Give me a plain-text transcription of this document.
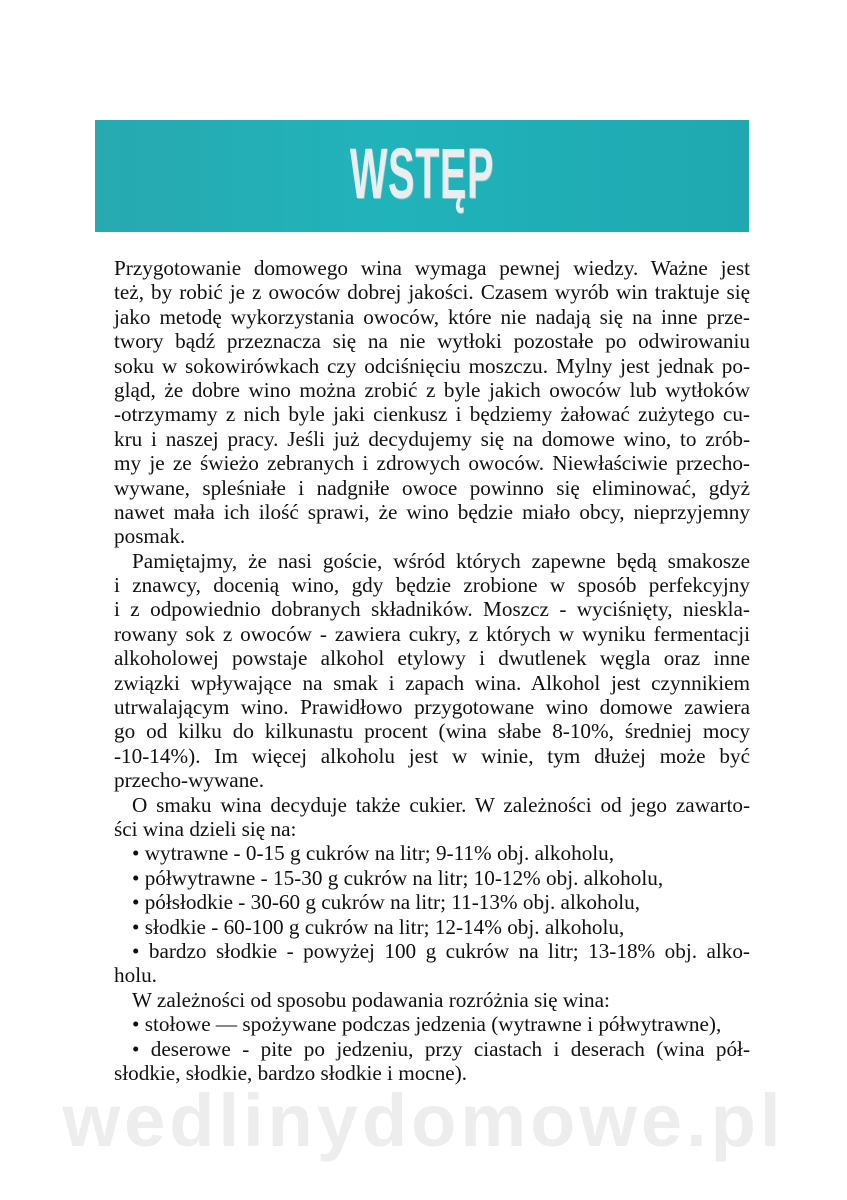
WSTĘP
Przygotowanie domowego wina wymaga pewnej wiedzy. Ważne jest
też, by robić je z owoców dobrej jakości. Czasem wyrób win traktuje się
jako metodę wykorzystania owoców, które nie nadają się na inne prze-
twory bądź przeznacza się na nie wytłoki pozostałe po odwirowaniu
soku w sokowirówkach czy odciśnięciu moszczu. Mylny jest jednak po-
gląd, że dobre wino można zrobić z byle jakich owoców lub wytłoków
-otrzymamy z nich byle jaki cienkusz i będziemy żałować zużytego cu-
kru i naszej pracy. Jeśli już decydujemy się na domowe wino, to zrób-
my je ze świeżo zebranych i zdrowych owoców. Niewłaściwie przecho-
wywane, spleśniałe i nadgniłe owoce powinno się eliminować, gdyż
nawet mała ich ilość sprawi, że wino będzie miało obcy, nieprzyjemny
posmak.
Pamiętajmy, że nasi goście, wśród których zapewne będą smakosze
i znawcy, docenią wino, gdy będzie zrobione w sposób perfekcyjny
i z odpowiednio dobranych składników. Moszcz - wyciśnięty, nieskla-
rowany sok z owoców - zawiera cukry, z których w wyniku fermentacji
alkoholowej powstaje alkohol etylowy i dwutlenek węgla oraz inne
związki wpływające na smak i zapach wina. Alkohol jest czynnikiem
utrwalającym wino. Prawidłowo przygotowane wino domowe zawiera
go od kilku do kilkunastu procent (wina słabe 8-10%, średniej mocy
-10-14%). Im więcej alkoholu jest w winie, tym dłużej może być
przecho-wywane.
O smaku wina decyduje także cukier. W zależności od jego zawarto-
ści wina dzieli się na:
• wytrawne - 0-15 g cukrów na litr; 9-11% obj. alkoholu,
• półwytrawne - 15-30 g cukrów na litr; 10-12% obj. alkoholu,
• półsłodkie - 30-60 g cukrów na litr; 11-13% obj. alkoholu,
• słodkie - 60-100 g cukrów na litr; 12-14% obj. alkoholu,
• bardzo słodkie - powyżej 100 g cukrów na litr; 13-18% obj. alko-
holu.
W zależności od sposobu podawania rozróżnia się wina:
• stołowe — spożywane podczas jedzenia (wytrawne i półwytrawne),
• deserowe - pite po jedzeniu, przy ciastach i deserach (wina pół-
słodkie, słodkie, bardzo słodkie i mocne).
wedlinydomowe.pl
